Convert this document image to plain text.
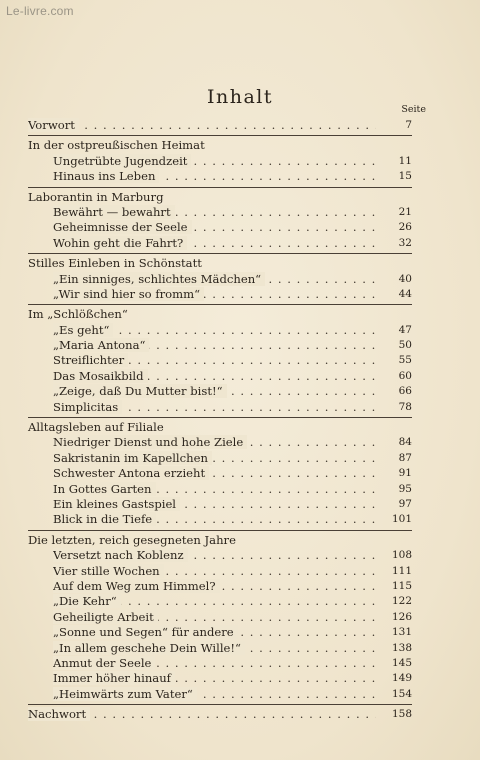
Le-livre.com
Inhalt
Seite
Vorwort . . .	7
In der ostpreußischen Heimat
Ungetrübte Jugendzeit . . .	11
Hinaus ins Leben . . .	15
Laborantin in Marburg
Bewährt — bewahrt . . .	21
Geheimnisse der Seele . . .	26
Wohin geht die Fahrt? . . .	32
Stilles Einleben in Schönstatt
„Ein sinniges, schlichtes Mädchen“ . . .	40
„Wir sind hier so fromm“ . . .	44
Im „Schlößchen“
„Es geht“ . . .	47
„Maria Antona“ . . .	50
Streiflichter . . .	55
Das Mosaikbild . . .	60
„Zeige, daß Du Mutter bist!“ . . .	66
Simplicitas . . .	78
Alltagsleben auf Filiale
Niedriger Dienst und hohe Ziele . . .	84
Sakristanin im Kapellchen . . .	87
Schwester Antona erzieht . . .	91
In Gottes Garten . . .	95
Ein kleines Gastspiel . . .	97
Blick in die Tiefe . . .	101
Die letzten, reich gesegneten Jahre
Versetzt nach Koblenz . . .	108
Vier stille Wochen . . .	111
Auf dem Weg zum Himmel? . . .	115
„Die Kehr“ . . .	122
Geheiligte Arbeit . . .	126
„Sonne und Segen“ für andere . . .	131
„In allem geschehe Dein Wille!“ . . .	138
Anmut der Seele . . .	145
Immer höher hinauf . . .	149
„Heimwärts zum Vater“ . . .	154
Nachwort . . .	158
